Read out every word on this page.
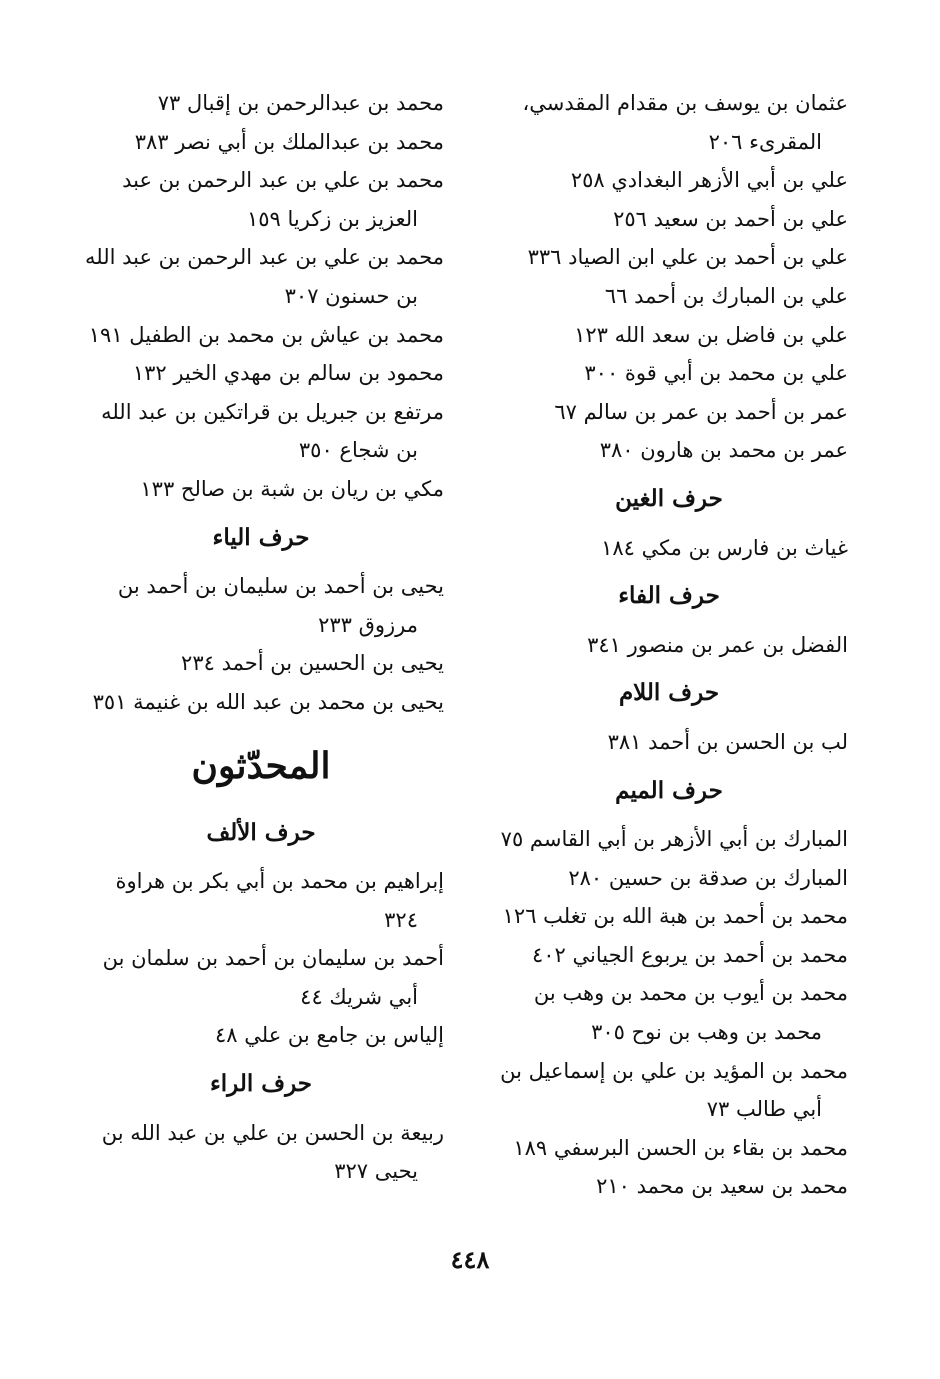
عثمان بن يوسف بن مقدام المقدسي، المقرىء ٢٠٦
علي بن أبي الأزهر البغدادي ٢٥٨
علي بن أحمد بن سعيد ٢٥٦
علي بن أحمد بن علي ابن الصياد ٣٣٦
علي بن المبارك بن أحمد ٦٦
علي بن فاضل بن سعد الله ١٢٣
علي بن محمد بن أبي قوة ٣٠٠
عمر بن أحمد بن عمر بن سالم ٦٧
عمر بن محمد بن هارون ٣٨٠
حرف الغين
غياث بن فارس بن مكي ١٨٤
حرف الفاء
الفضل بن عمر بن منصور ٣٤١
حرف اللام
لب بن الحسن بن أحمد ٣٨١
حرف الميم
المبارك بن أبي الأزهر بن أبي القاسم ٧٥
المبارك بن صدقة بن حسين ٢٨٠
محمد بن أحمد بن هبة الله بن تغلب ١٢٦
محمد بن أحمد بن يربوع الجياني ٤٠٢
محمد بن أيوب بن محمد بن وهب بن محمد بن وهب بن نوح ٣٠٥
محمد بن المؤيد بن علي بن إسماعيل بن أبي طالب ٧٣
محمد بن بقاء بن الحسن البرسفي ١٨٩
محمد بن سعيد بن محمد ٢١٠
محمد بن عبدالرحمن بن إقبال ٧٣
محمد بن عبدالملك بن أبي نصر ٣٨٣
محمد بن علي بن عبد الرحمن بن عبد العزيز بن زكريا ١٥٩
محمد بن علي بن عبد الرحمن بن عبد الله بن حسنون ٣٠٧
محمد بن عياش بن محمد بن الطفيل ١٩١
محمود بن سالم بن مهدي الخير ١٣٢
مرتفع بن جبريل بن قراتكين بن عبد الله بن شجاع ٣٥٠
مكي بن ريان بن شبة بن صالح ١٣٣
حرف الياء
يحيى بن أحمد بن سليمان بن أحمد بن مرزوق ٢٣٣
يحيى بن الحسين بن أحمد ٢٣٤
يحيى بن محمد بن عبد الله بن غنيمة ٣٥١
المحدّثون
حرف الألف
إبراهيم بن محمد بن أبي بكر بن هراوة ٣٢٤
أحمد بن سليمان بن أحمد بن سلمان بن أبي شريك ٤٤
إلياس بن جامع بن علي ٤٨
حرف الراء
ربيعة بن الحسن بن علي بن عبد الله بن يحيى ٣٢٧
٤٤٨
